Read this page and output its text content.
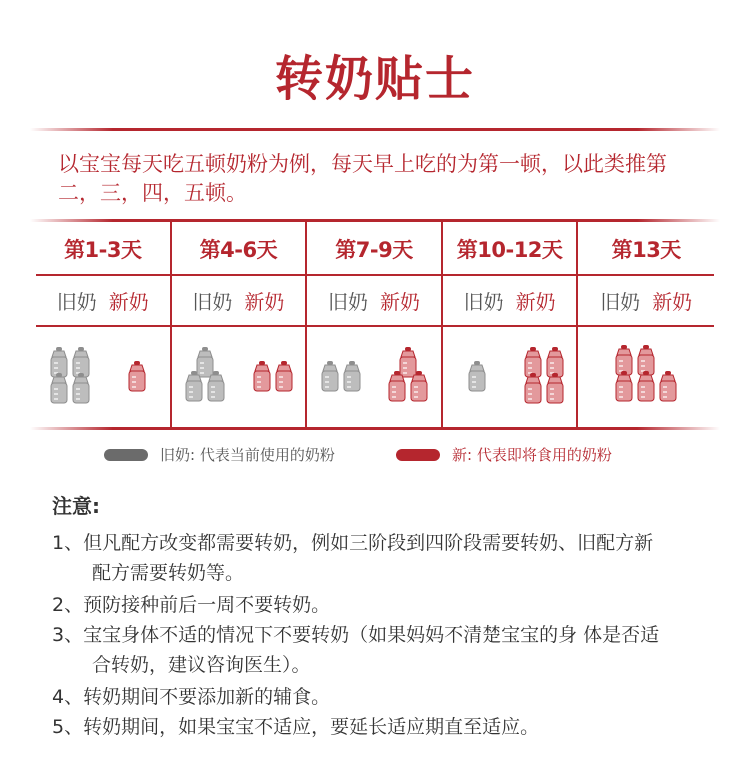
转奶贴士
以宝宝每天吃五顿奶粉为例，每天早上吃的为第一顿，以此类推第二，三，四，五顿。
第1-3天
旧奶 新奶
第4-6天
旧奶 新奶
第7-9天
旧奶 新奶
第10-12天
旧奶 新奶
第13天
旧奶 新奶
旧奶: 代表当前使用的奶粉	新: 代表即将食用的奶粉
注意:
1、但凡配方改变都需要转奶，例如三阶段到四阶段需要转奶、旧配方新
配方需要转奶等。
2、预防接种前后一周不要转奶。
3、宝宝身体不适的情况下不要转奶（如果妈妈不清楚宝宝的身 体是否适
合转奶，建议咨询医生）。
4、转奶期间不要添加新的辅食。
5、转奶期间，如果宝宝不适应，要延长适应期直至适应。
